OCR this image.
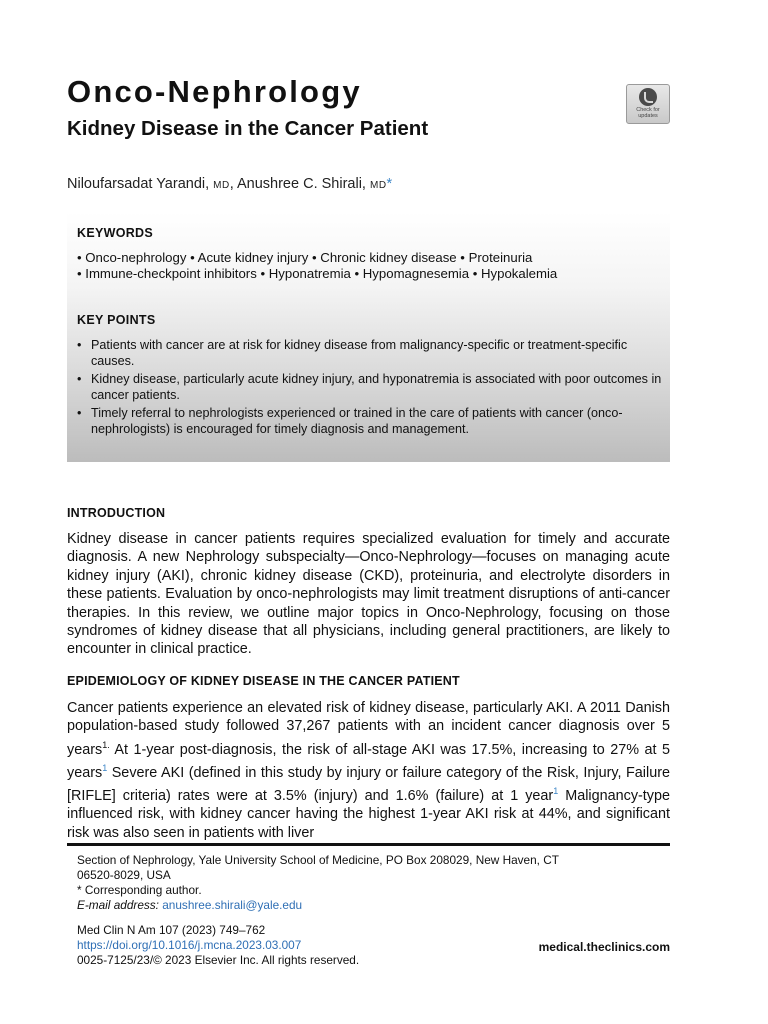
Onco-Nephrology
Kidney Disease in the Cancer Patient
Check for updates
Niloufarsadat Yarandi, MD, Anushree C. Shirali, MD*
KEYWORDS
• Onco-nephrology • Acute kidney injury • Chronic kidney disease • Proteinuria
• Immune-checkpoint inhibitors • Hyponatremia • Hypomagnesemia • Hypokalemia
KEY POINTS
• Patients with cancer are at risk for kidney disease from malignancy-specific or treatment-specific causes.
• Kidney disease, particularly acute kidney injury, and hyponatremia is associated with poor outcomes in cancer patients.
• Timely referral to nephrologists experienced or trained in the care of patients with cancer (onco-nephrologists) is encouraged for timely diagnosis and management.
INTRODUCTION

Kidney disease in cancer patients requires specialized evaluation for timely and accurate diagnosis. A new Nephrology subspecialty—Onco-Nephrology—focuses on managing acute kidney injury (AKI), chronic kidney disease (CKD), proteinuria, and electrolyte disorders in these patients. Evaluation by onco-nephrologists may limit treatment disruptions of anti-cancer therapies. In this review, we outline major topics in Onco-Nephrology, focusing on those syndromes of kidney disease that all physicians, including general practitioners, are likely to encounter in clinical practice.

EPIDEMIOLOGY OF KIDNEY DISEASE IN THE CANCER PATIENT

Cancer patients experience an elevated risk of kidney disease, particularly AKI. A 2011 Danish population-based study followed 37,267 patients with an incident cancer diagnosis over 5 years$^{1.}$ At 1-year post-diagnosis, the risk of all-stage AKI was 17.5%, increasing to 27% at 5 years$^1$ Severe AKI (defined in this study by injury or failure category of the Risk, Injury, Failure [RIFLE] criteria) rates were at 3.5% (injury) and 1.6% (failure) at 1 year$^1$ Malignancy-type influenced risk, with kidney cancer having the highest 1-year AKI risk at 44%, and significant risk was also seen in patients with liver

Section of Nephrology, Yale University School of Medicine, PO Box 208029, New Haven, CT
06520-8029, USA
* Corresponding author.
E-mail address: anushree.shirali@yale.edu
Med Clin N Am 107 (2023) 749–762
https://doi.org/10.1016/j.mcna.2023.03.007
0025-7125/23/© 2023 Elsevier Inc. All rights reserved.
medical.theclinics.com
